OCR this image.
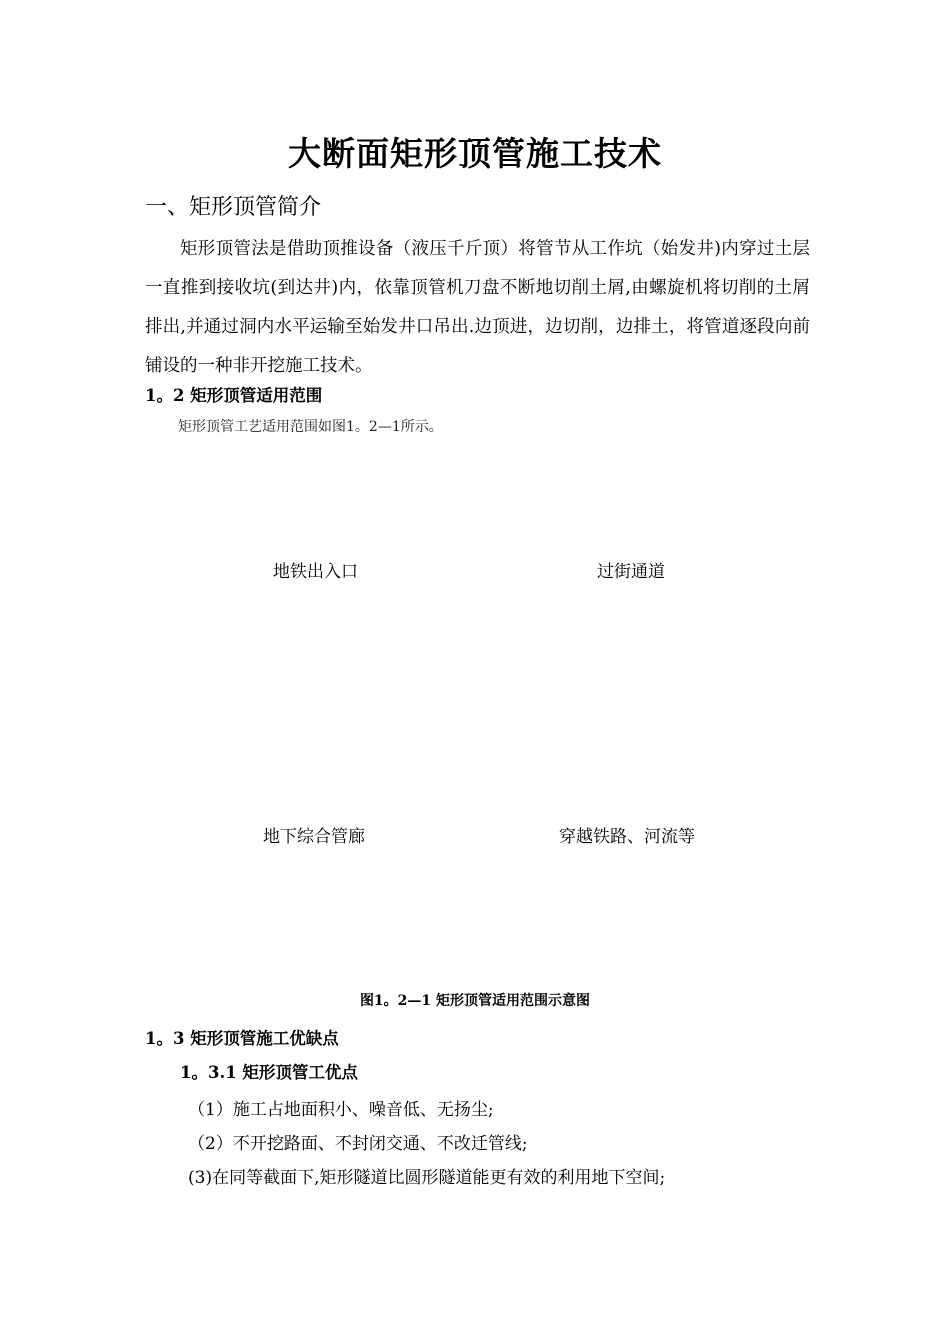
大断面矩形顶管施工技术
一、矩形顶管简介

矩形顶管法是借助顶推设备（液压千斤顶）将管节从工作坑（始发井)内穿过土层一直推到接收坑(到达井)内，依靠顶管机刀盘不断地切削土屑,由螺旋机将切削的土屑排出,并通过洞内水平运输至始发井口吊出.边顶进，边切削，边排土，将管道逐段向前铺设的一种非开挖施工技术。

1。2 矩形顶管适用范围
矩形顶管工艺适用范围如图1。2—1所示。
地铁出入口	过街通道
地下综合管廊	穿越铁路、河流等
图1。2—1 矩形顶管适用范围示意图
1。3 矩形顶管施工优缺点
1。3.1 矩形顶管工优点
（1）施工占地面积小、噪音低、无扬尘;
（2）不开挖路面、不封闭交通、不改迁管线;
(3)在同等截面下,矩形隧道比圆形隧道能更有效的利用地下空间;
